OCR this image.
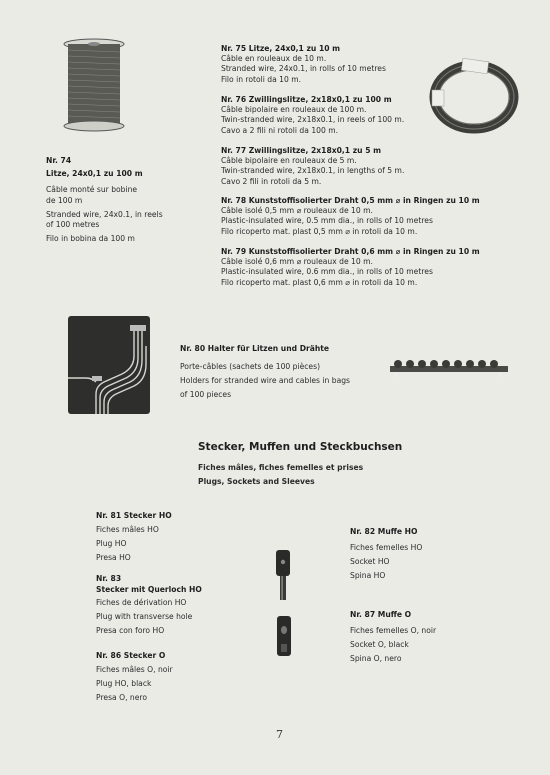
Nr. 74
Litze, 24x0,1 zu 100 m
Câble monté sur bobine
de 100 m
Stranded wire, 24x0.1, in reels
of 100 metres
Filo in bobina da 100 m
Nr. 75 Litze, 24x0,1 zu 10 m
Câble en rouleaux de 10 m.
Stranded wire, 24x0.1, in rolls of 10 metres
Filo in rotoli da 10 m.
Nr. 76 Zwillingslitze, 2x18x0,1 zu 100 m
Câble bipolaire en rouleaux de 100 m.
Twin-stranded wire, 2x18x0.1, in reels of 100 m.
Cavo a 2 fili ni rotoli da 100 m.
Nr. 77 Zwillingslitze, 2x18x0,1 zu 5 m
Câble bipolaire en rouleaux de 5 m.
Twin-stranded wire, 2x18x0.1, in lengths of 5 m.
Cavo 2 fili in rotoli da 5 m.
Nr. 78 Kunststoffisolierter Draht 0,5 mm ⌀ in Ringen zu 10 m
Câble isolé 0,5 mm ⌀ rouleaux de 10 m.
Plastic-insulated wire, 0.5 mm dia., in rolls of 10 metres
Filo ricoperto mat. plast 0,5 mm ⌀ in rotoli da 10 m.
Nr. 79 Kunststoffisolierter Draht 0,6 mm ⌀ in Ringen zu 10 m
Câble isolé 0,6 mm ⌀ rouleaux de 10 m.
Plastic-insulated wire, 0.6 mm dia., in rolls of 10 metres
Filo ricoperto mat. plast 0,6 mm ⌀ in rotoli da 10 m.
Nr. 80 Halter für Litzen und Drähte
Porte-câbles (sachets de 100 pièces)
Holders for stranded wire and cables in bags
of 100 pieces
Stecker, Muffen und Steckbuchsen
Fiches mâles, fiches femelles et prises
Plugs, Sockets and Sleeves
Nr. 81 Stecker HO
Fiches mâles HO
Plug HO
Presa HO
Nr. 83
Stecker mit Querloch HO
Fiches de dérivation HO
Plug with transverse hole
Presa con foro HO
Nr. 86 Stecker O
Fiches mâles O, noir
Plug HO, black
Presa O, nero
Nr. 82 Muffe HO
Fiches femelles HO
Socket HO
Spina HO
Nr. 87 Muffe O
Fiches femelles O, noir
Socket O, black
Spina O, nero
7
